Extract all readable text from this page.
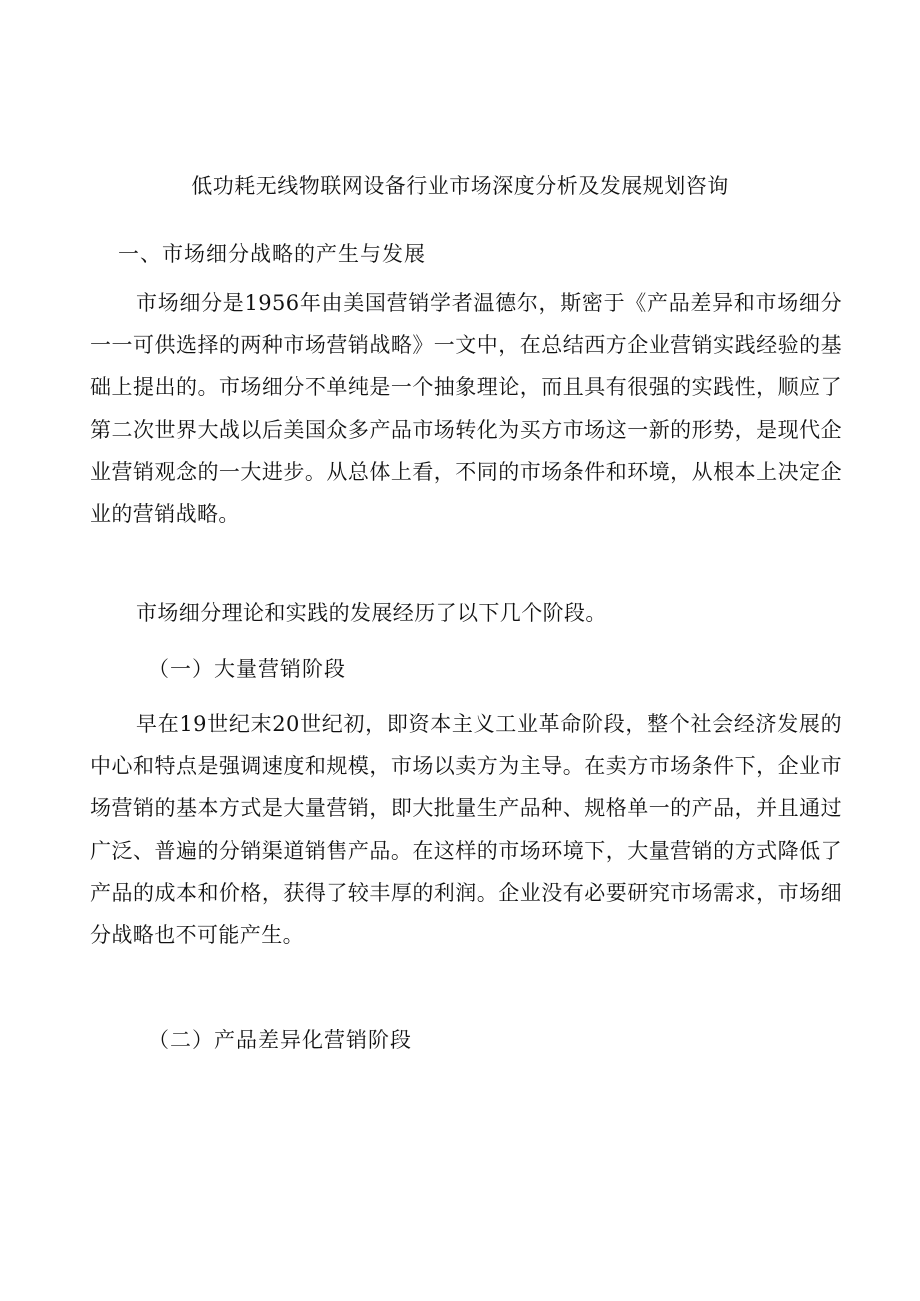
低功耗无线物联网设备行业市场深度分析及发展规划咨询
一、市场细分战略的产生与发展

市场细分是1956年由美国营销学者温德尔，斯密于《产品差异和市场细分一一可供选择的两种市场营销战略》一文中，在总结西方企业营销实践经验的基础上提出的。市场细分不单纯是一个抽象理论，而且具有很强的实践性，顺应了第二次世界大战以后美国众多产品市场转化为买方市场这一新的形势，是现代企业营销观念的一大进步。从总体上看，不同的市场条件和环境，从根本上决定企业的营销战略。

市场细分理论和实践的发展经历了以下几个阶段。

（一）大量营销阶段

早在19世纪末20世纪初，即资本主义工业革命阶段，整个社会经济发展的中心和特点是强调速度和规模，市场以卖方为主导。在卖方市场条件下，企业市场营销的基本方式是大量营销，即大批量生产品种、规格单一的产品，并且通过广泛、普遍的分销渠道销售产品。在这样的市场环境下，大量营销的方式降低了产品的成本和价格，获得了较丰厚的利润。企业没有必要研究市场需求，市场细分战略也不可能产生。

（二）产品差异化营销阶段
